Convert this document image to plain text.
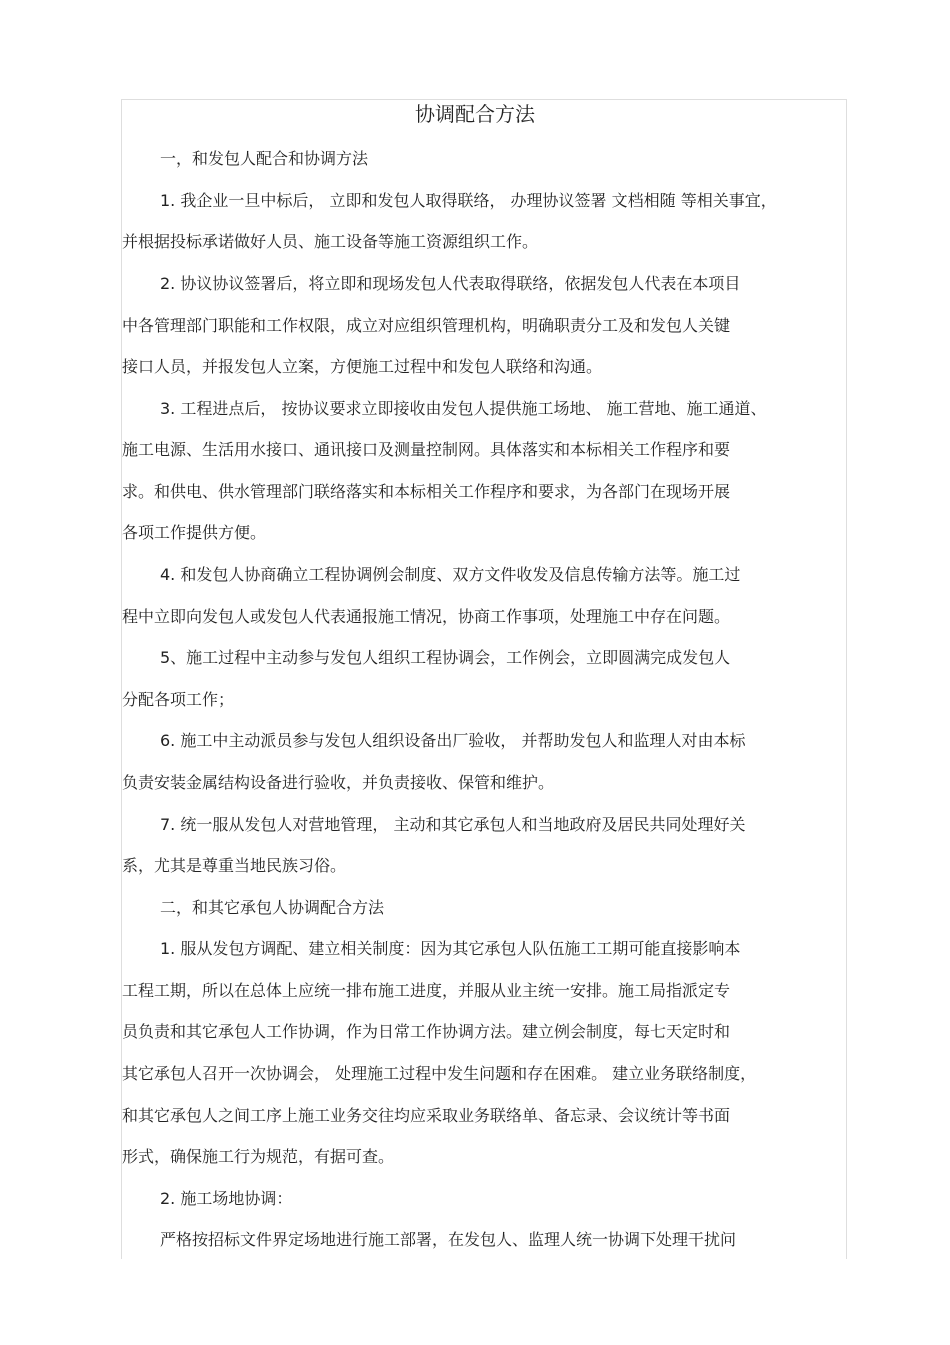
协调配合方法
一，和发包人配合和协调方法
1. 我企业一旦中标后， 立即和发包人取得联络， 办理协议签署 文档相随 等相关事宜，
并根据投标承诺做好人员、施工设备等施工资源组织工作。
2. 协议协议签署后，将立即和现场发包人代表取得联络，依据发包人代表在本项目
中各管理部门职能和工作权限，成立对应组织管理机构，明确职责分工及和发包人关键
接口人员，并报发包人立案，方便施工过程中和发包人联络和沟通。
3. 工程进点后， 按协议要求立即接收由发包人提供施工场地、 施工营地、施工通道、
施工电源、生活用水接口、通讯接口及测量控制网。具体落实和本标相关工作程序和要
求。和供电、供水管理部门联络落实和本标相关工作程序和要求，为各部门在现场开展
各项工作提供方便。
4. 和发包人协商确立工程协调例会制度、双方文件收发及信息传输方法等。施工过
程中立即向发包人或发包人代表通报施工情况，协商工作事项，处理施工中存在问题。
5、施工过程中主动参与发包人组织工程协调会，工作例会，立即圆满完成发包人
分配各项工作；
6. 施工中主动派员参与发包人组织设备出厂验收， 并帮助发包人和监理人对由本标
负责安装金属结构设备进行验收，并负责接收、保管和维护。
7. 统一服从发包人对营地管理， 主动和其它承包人和当地政府及居民共同处理好关
系，尤其是尊重当地民族习俗。
二，和其它承包人协调配合方法
1. 服从发包方调配、建立相关制度：因为其它承包人队伍施工工期可能直接影响本
工程工期，所以在总体上应统一排布施工进度，并服从业主统一安排。施工局指派定专
员负责和其它承包人工作协调，作为日常工作协调方法。建立例会制度，每七天定时和
其它承包人召开一次协调会， 处理施工过程中发生问题和存在困难。 建立业务联络制度，
和其它承包人之间工序上施工业务交往均应采取业务联络单、备忘录、会议统计等书面
形式，确保施工行为规范，有据可查。
2. 施工场地协调：
严格按招标文件界定场地进行施工部署，在发包人、监理人统一协调下处理干扰问
